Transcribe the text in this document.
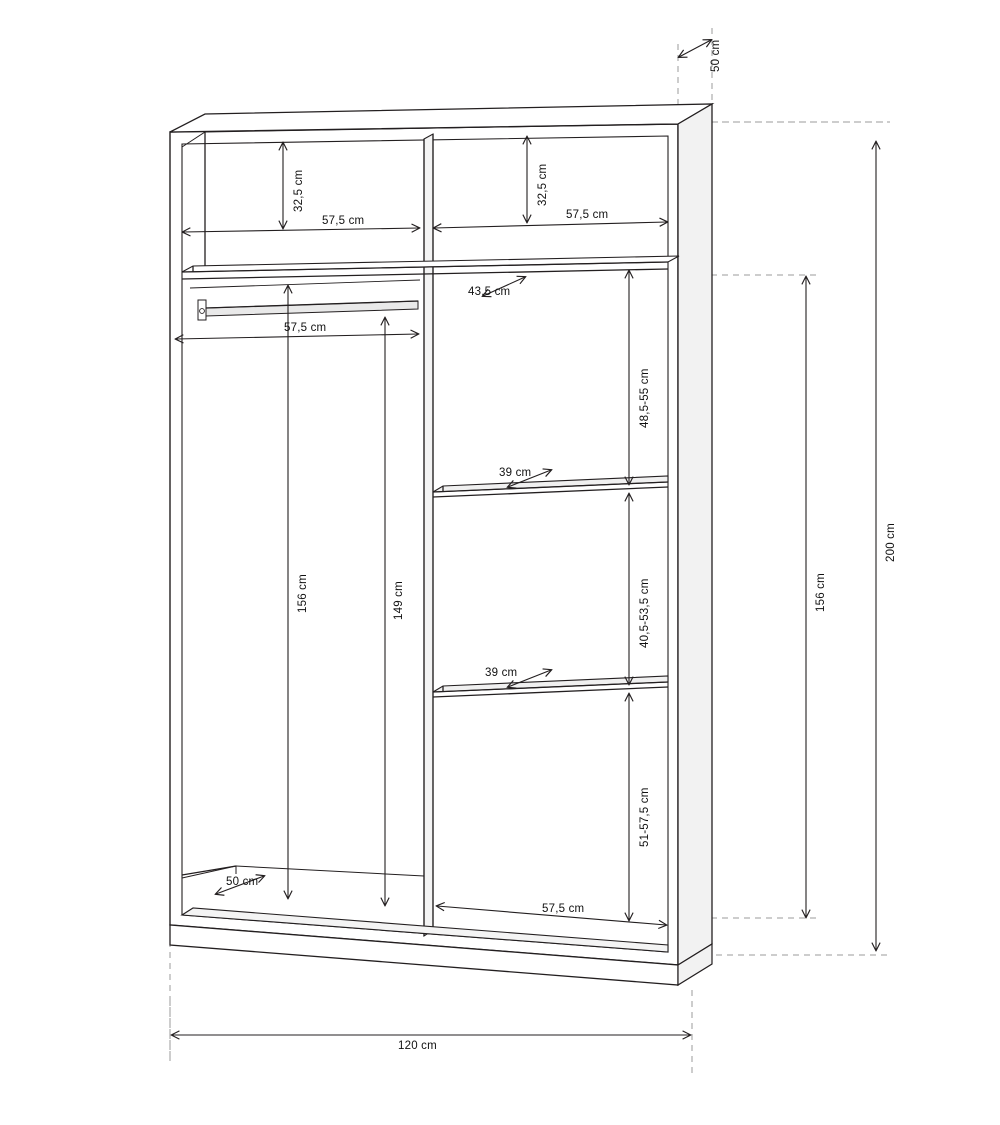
50 cm
32,5 cm
57,5 cm
32,5 cm
57,5 cm
43,5 cm
57,5 cm
48,5-55 cm
39 cm
40,5-53,5 cm
39 cm
51-57,5 cm
156 cm	149 cm
50 cm
57,5 cm
156 cm
200 cm
120 cm
